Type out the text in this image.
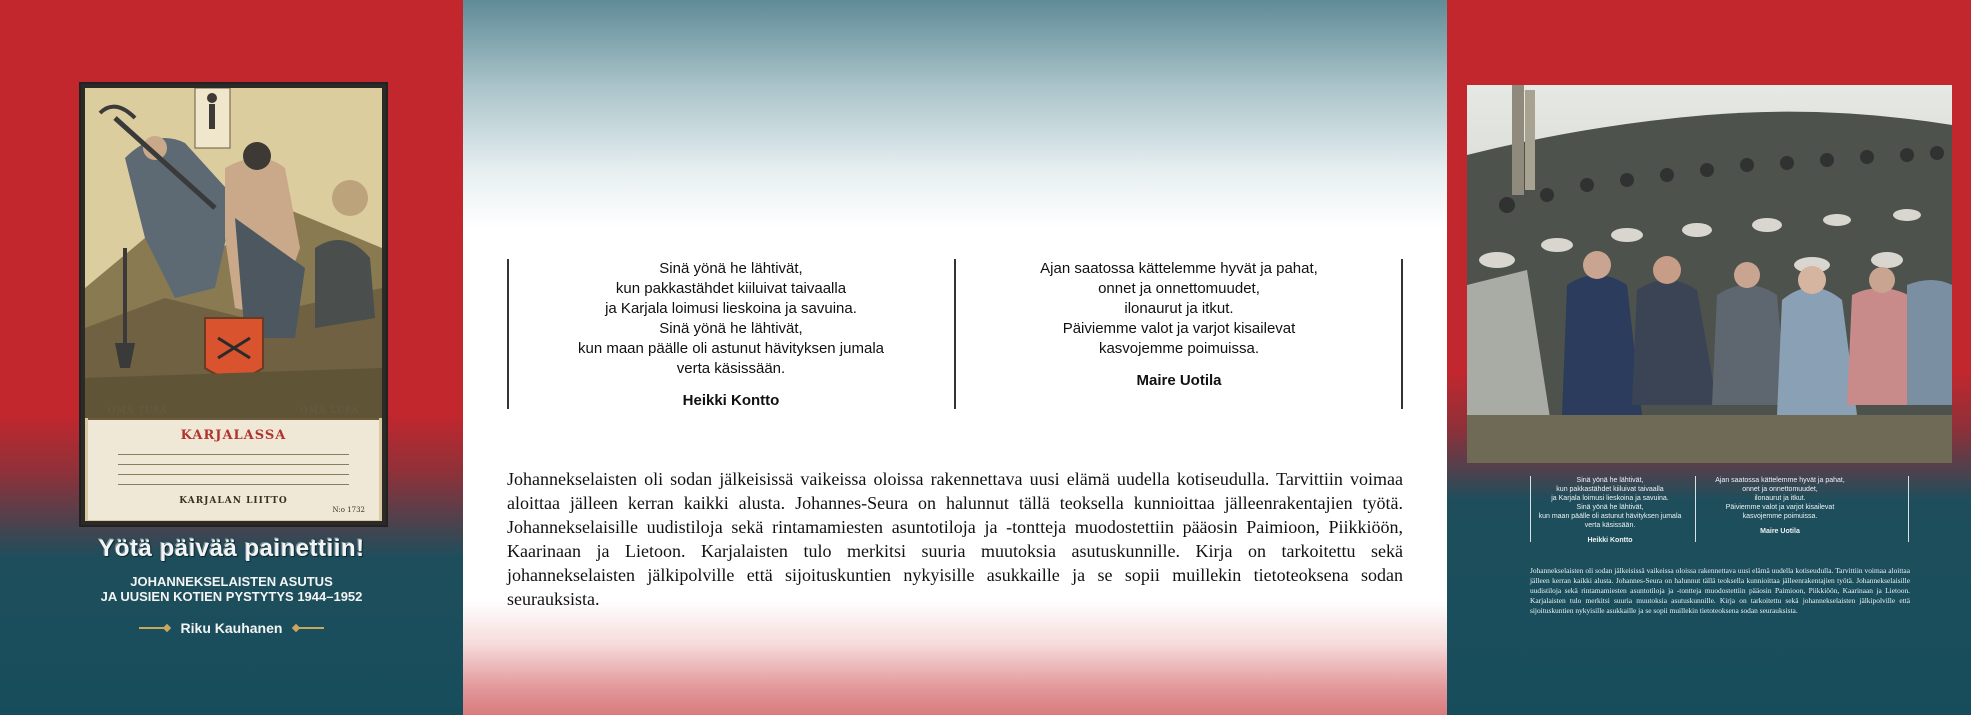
OMA TUPA	OMA LUPA
KARJALASSA
KARJALAN LIITTO
N:o 1732
Yötä päivää painettiin!
JOHANNEKSELAISTEN ASUTUS
JA UUSIEN KOTIEN PYSTYTYS 1944–1952
Riku Kauhanen
Sinä yönä he lähtivät,
kun pakkastähdet kiiluivat taivaalla
ja Karjala loimusi lieskoina ja savuina.
Sinä yönä he lähtivät,
kun maan päälle oli astunut hävityksen jumala
verta käsissään.
Heikki Kontto
Ajan saatossa kättelemme hyvät ja pahat,
onnet ja onnettomuudet,
ilonaurut ja itkut.
Päiviemme valot ja varjot kisailevat
kasvojemme poimuissa.
Maire Uotila
Johannekselaisten oli sodan jälkeisissä vaikeissa oloissa rakennettava uusi elämä uudella kotiseudulla. Tarvittiin voimaa aloittaa jälleen kerran kaikki alusta. Johannes-Seura on halunnut tällä teoksella kunnioittaa jälleenrakentajien työtä. Johannekselaisille uudistiloja sekä rintamamiesten asuntotiloja ja -tontteja muodostettiin pääosin Paimioon, Piikkiöön, Kaarinaan ja Lietoon. Karjalaisten tulo merkitsi suuria muutoksia asutuskunnille. Kirja on tarkoitettu sekä johannekselaisten jälkipolville että sijoituskuntien nykyisille asukkaille ja se sopii muillekin tietoteoksena sodan seurauksista.
Sinä yönä he lähtivät,
kun pakkastähdet kiiluivat taivaalla
ja Karjala loimusi lieskoina ja savuina.
Sinä yönä he lähtivät,
kun maan päälle oli astunut hävityksen jumala
verta käsissään.
Heikki Kontto
Ajan saatossa kättelemme hyvät ja pahat,
onnet ja onnettomuudet,
ilonaurut ja itkut.
Päiviemme valot ja varjot kisailevat
kasvojemme poimuissa.
Maire Uotila
Johannekselaisten oli sodan jälkeisissä vaikeissa oloissa rakennettava uusi elämä uudella kotiseudulla. Tarvittiin voimaa aloittaa jälleen kerran kaikki alusta. Johannes-Seura on halunnut tällä teoksella kunnioittaa jälleenrakentajien työtä. Johannekselaisille uudistiloja sekä rintamamiesten asuntotiloja ja -tontteja muodostettiin pääosin Paimioon, Piikkiöön, Kaarinaan ja Lietoon. Karjalaisten tulo merkitsi suuria muutoksia asutuskunnille. Kirja on tarkoitettu sekä johannekselaisten jälkipolville että sijoituskuntien nykyisille asukkaille ja se sopii muillekin tietoteoksena sodan seurauksista.
